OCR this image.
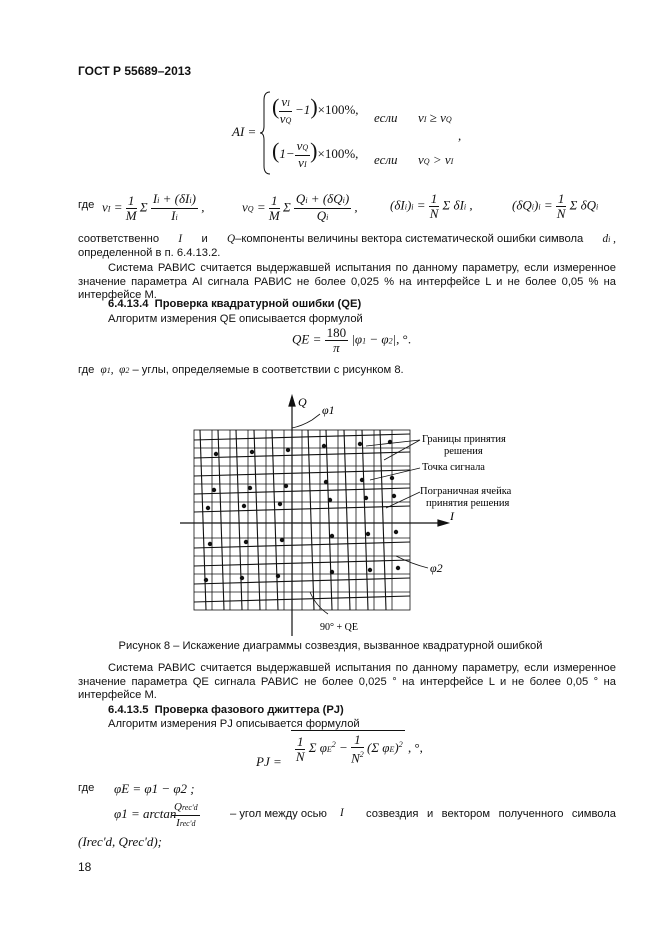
ГОСТ Р 55689–2013
AI =
( $\frac{\nu I}{\nu Q} -1)\times 100\%$,
если νI ≥ νQ
$(1- \frac{\nu Q}{\nu I} )\times 100\%$, если νQ > νI
,
где $\nu I = \frac{1}{M}$ Σ $\frac{\text{Ii + (δIi)}}{Ii}$ ,	$\nu Q = \frac{1}{M}$ Σ $\frac{\text{Qi + (δQi)}}{Qi}$ , $(\delta Ii)i = \frac{1}{N}$ Σ δIi ,	$(\delta Qi)i = \frac{1}{N}$ Σ δQi
соответственно I и Q–компоненты величины вектора систематической ошибки символа di ,
определенной в п. 6.4.13.2.
Система РАВИС считается выдержавшей испытания по данному параметру, если измеренное значение параметра AI сигнала РАВИС не более 0,025 % на интерфейсе L и не более 0,05 % на интерфейсе M.
6.4.13.4 Проверка квадратурной ошибки (QE)
Алгоритм измерения QE описывается формулой
QE = $\frac{180}{\pi} |\varphi 1 - \varphi 2|$, °.
где φ1,  φ2 – углы, определяемые в соответствии с рисунком 8.
Q
I
φ1
φ2
90° + QE
Границы принятия
решения
Точка сигнала
Пограничная ячейка
принятия решения
Рисунок 8 – Искажение диаграммы созвездия, вызванное квадратурной ошибкой
Система РАВИС считается выдержавшей испытания по данному параметру, если измеренное значение параметра QE сигнала РАВИС не более 0,025 ° на интерфейсе L и не более 0,05 ° на интерфейсе M.
6.4.13.5 Проверка фазового джиттера (PJ)
Алгоритм измерения PJ описывается формулой
PJ = $\frac{1}{N}$ Σ $\varphi E^2 - \frac{1}{N^2} (\Sigma$ φE)$^2$ , °,
где φE = φ1 − φ2 ;
φ1 = arctan
Qrec'd
Irec'd
– угол между осью I созвездия и вектором полученного символа
(Irec'd, Qrec'd);
18
